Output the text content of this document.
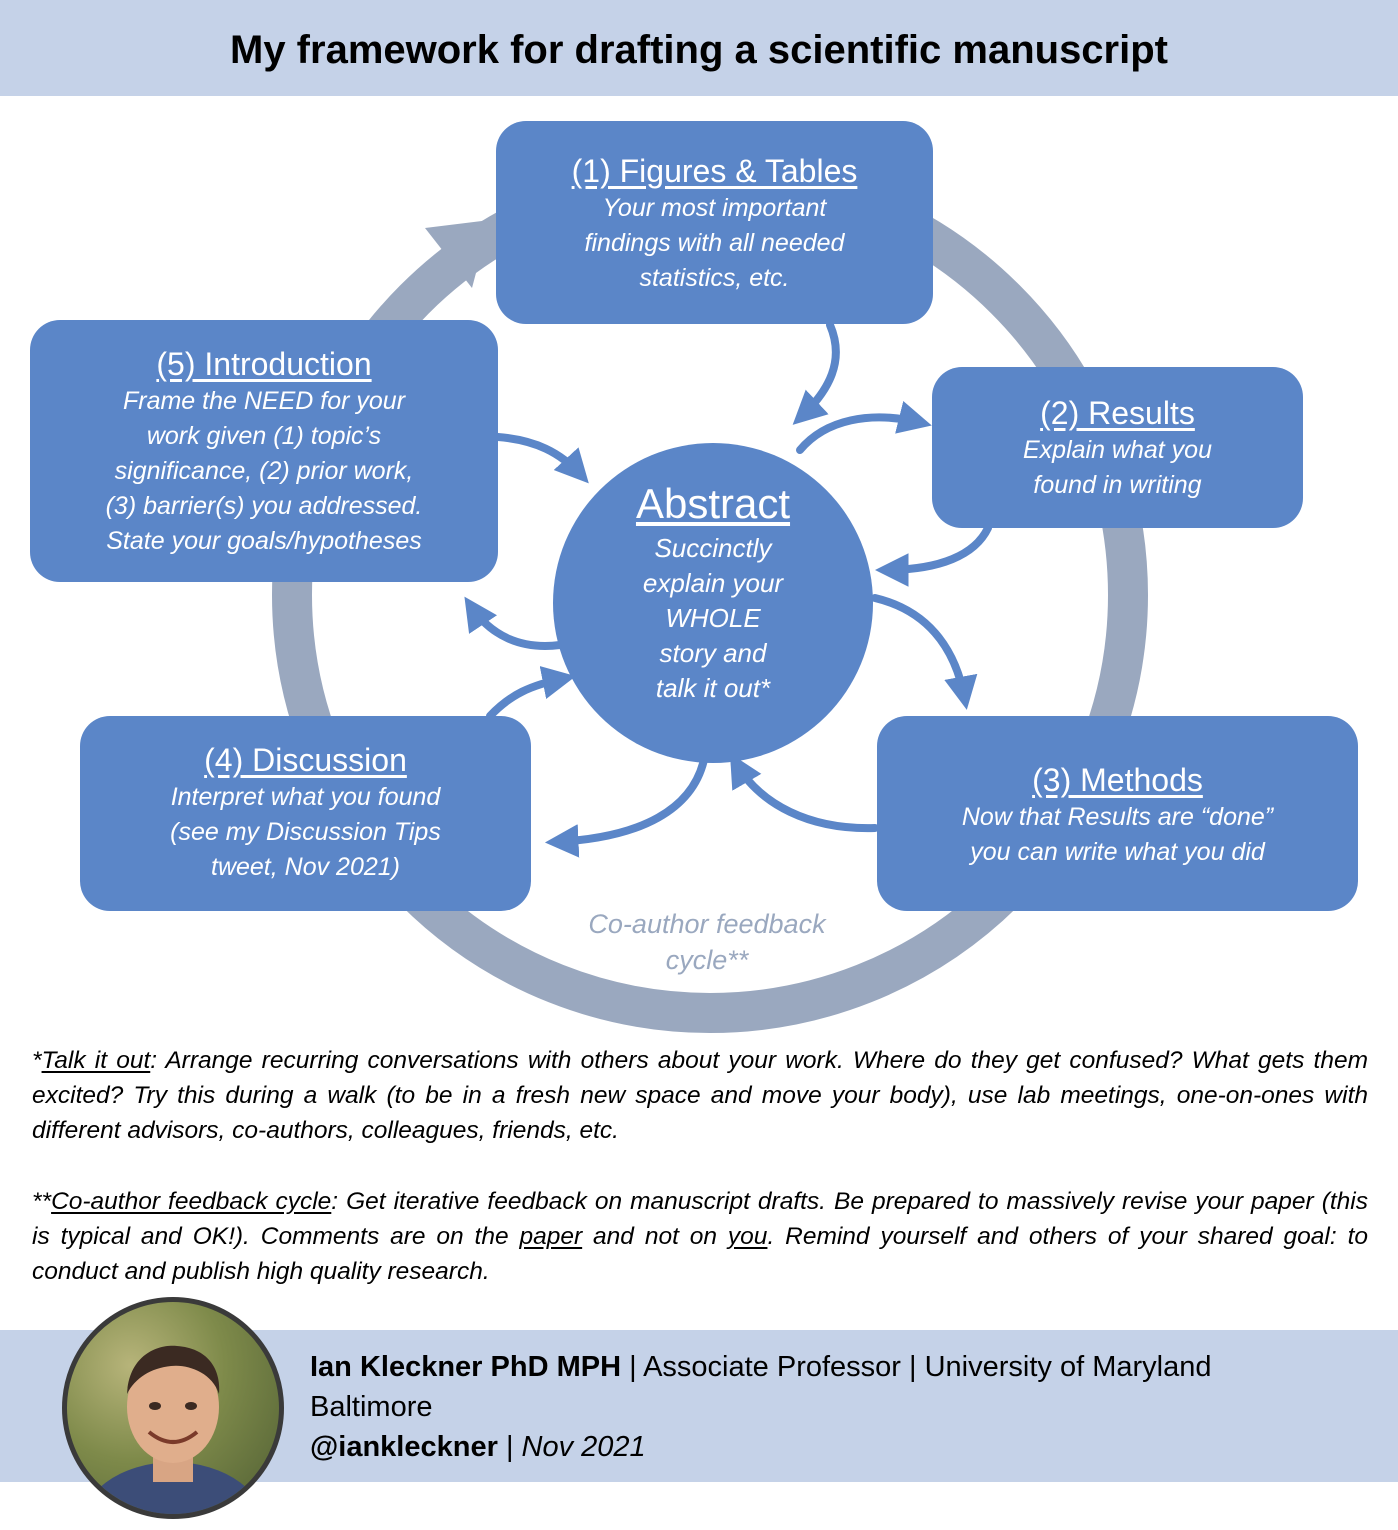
My framework for drafting a scientific manuscript
(1) Figures & Tables
Your most important
findings with all needed
statistics, etc.
(5) Introduction
Frame the NEED for your
work given (1) topic’s
significance, (2) prior work,
(3) barrier(s) you addressed.
State your goals/hypotheses
(2) Results
Explain what you
found in writing
(3) Methods
Now that Results are “done”
you can write what you did
(4) Discussion
Interpret what you found
(see my Discussion Tips
tweet, Nov 2021)
Abstract
Succinctly
explain your
WHOLE
story and
talk it out*
Co-author feedback
cycle**
*Talk it out: Arrange recurring conversations with others about your work. Where do they get confused? What gets them excited? Try this during a walk (to be in a fresh new space and move your body), use lab meetings, one-on-ones with different advisors, co-authors, colleagues, friends, etc.
**Co-author feedback cycle: Get iterative feedback on manuscript drafts. Be prepared to massively revise your paper (this is typical and OK!). Comments are on the paper and not on you. Remind yourself and others of your shared goal: to conduct and publish high quality research.
Ian Kleckner PhD MPH | Associate Professor | University of Maryland Baltimore
@iankleckner | Nov 2021
